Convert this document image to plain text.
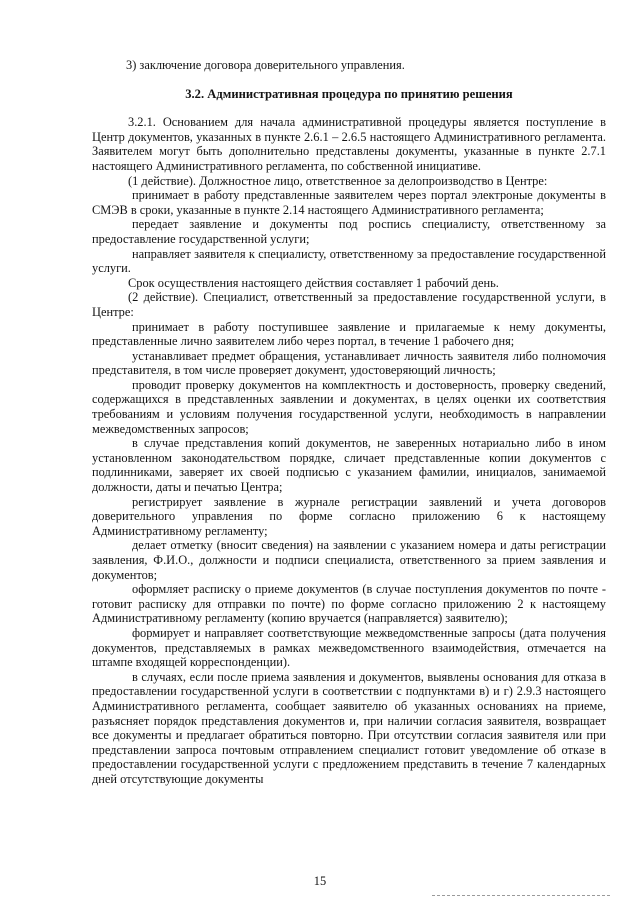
3) заключение договора доверительного управления.
3.2. Административная процедура по принятию решения

3.2.1. Основанием для начала административной процедуры является поступление в Центр документов, указанных в пункте 2.6.1 – 2.6.5 настоящего Административного регламента. Заявителем могут быть дополнительно представлены документы, указанные в пункте 2.7.1 настоящего Административного регламента, по собственной инициативе.

(1 действие). Должностное лицо, ответственное за делопроизводство в Центре:

принимает в работу представленные заявителем через портал электроные документы в СМЭВ в сроки, указанные в пункте 2.14 настоящего Административного регламента;

передает заявление и документы под роспись специалисту, ответственному за предоставление государственной услуги;

направляет заявителя к специалисту, ответственному за предоставление государственной услуги.

Срок осуществления настоящего действия составляет 1 рабочий день.

(2 действие). Специалист, ответственный за предоставление государственной услуги, в Центре:

принимает в работу поступившее заявление и прилагаемые к нему документы, представленные лично заявителем либо через портал, в течение 1 рабочего дня;

устанавливает предмет обращения, устанавливает личность заявителя либо полномочия представителя, в том числе проверяет документ, удостоверяющий личность;

проводит проверку документов на комплектность и достоверность, проверку сведений, содержащихся в представленных заявлении и документах, в целях оценки их соответствия требованиям и условиям получения государственной услуги, необходимость в направлении межведомственных запросов;

в случае представления копий документов, не заверенных нотариально либо в ином установленном законодательством порядке, сличает представленные копии документов с подлинниками, заверяет их своей подписью с указанием фамилии, инициалов, занимаемой должности, даты и печатью Центра;

регистрирует заявление в журнале регистрации заявлений и учета договоров доверительного управления по форме согласно приложению 6 к настоящему Административному регламенту;

делает отметку (вносит сведения) на заявлении с указанием номера и даты регистрации заявления, Ф.И.О., должности и подписи специалиста, ответственного за прием заявления и документов;

оформляет расписку о приеме документов (в случае поступления документов по почте - готовит расписку для отправки по почте) по форме согласно приложению 2 к настоящему Административному регламенту (копию вручается (направляется) заявителю);

формирует и направляет соответствующие межведомственные запросы (дата получения документов, представляемых в рамках межведомственного взаимодействия, отмечается на штампе входящей корреспонденции).

в случаях, если после приема заявления и документов, выявлены основания для отказа в предоставлении государственной услуги в соответствии с подпунктами в) и г) 2.9.3 настоящего Административного регламента, сообщает заявителю об указанных основаниях на приеме, разъясняет порядок представления документов и, при наличии согласия заявителя, возвращает все документы и предлагает обратиться повторно. При отсутствии согласия заявителя или при представлении запроса почтовым отправлением специалист готовит уведомление об отказе в предоставлении государственной услуги с предложением представить в течение 7 календарных дней отсутствующие документы

15
